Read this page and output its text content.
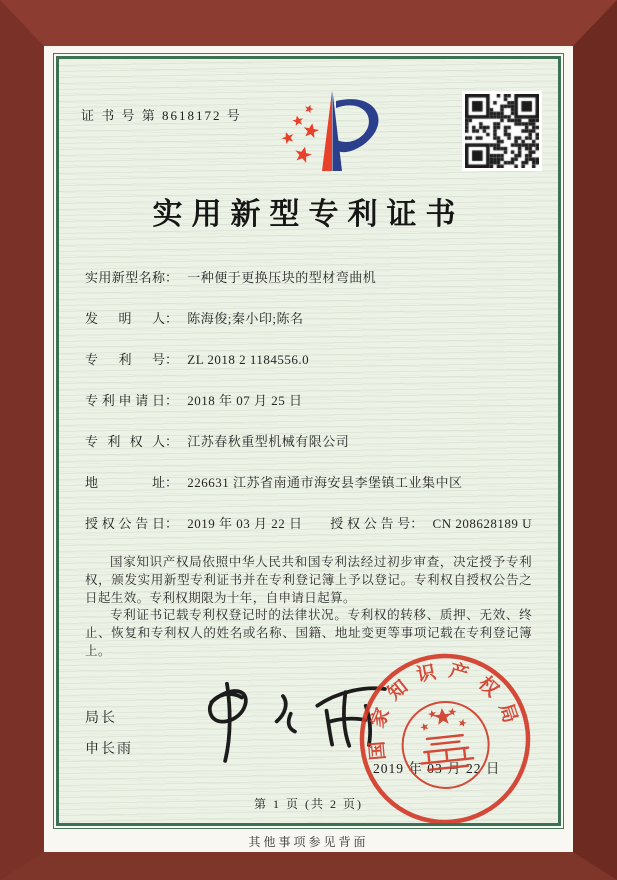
证 书 号 第 8618172 号
实用新型专利证书
实用新型名称： 一种便于更换压块的型材弯曲机
发明人： 陈海俊;秦小印;陈名
专利号： ZL 2018 2 1184556.0
专利申请日： 2018 年 07 月 25 日
专利权人： 江苏春秋重型机械有限公司
地址： 226631 江苏省南通市海安县李堡镇工业集中区
授权公告日： 2019 年 03 月 22 日	授权公告号： CN 208628189 U

国家知识产权局依照中华人民共和国专利法经过初步审查，决定授予专利权，颁发实用新型专利证书并在专利登记簿上予以登记。专利权自授权公告之日起生效。专利权期限为十年，自申请日起算。

专利证书记载专利权登记时的法律状况。专利权的转移、质押、无效、终止、恢复和专利权人的姓名或名称、国籍、地址变更等事项记载在专利登记簿上。

局长
申长雨
2019 年 03 月 22 日
国家知识产权局
第 1 页 (共 2 页)
其他事项参见背面
